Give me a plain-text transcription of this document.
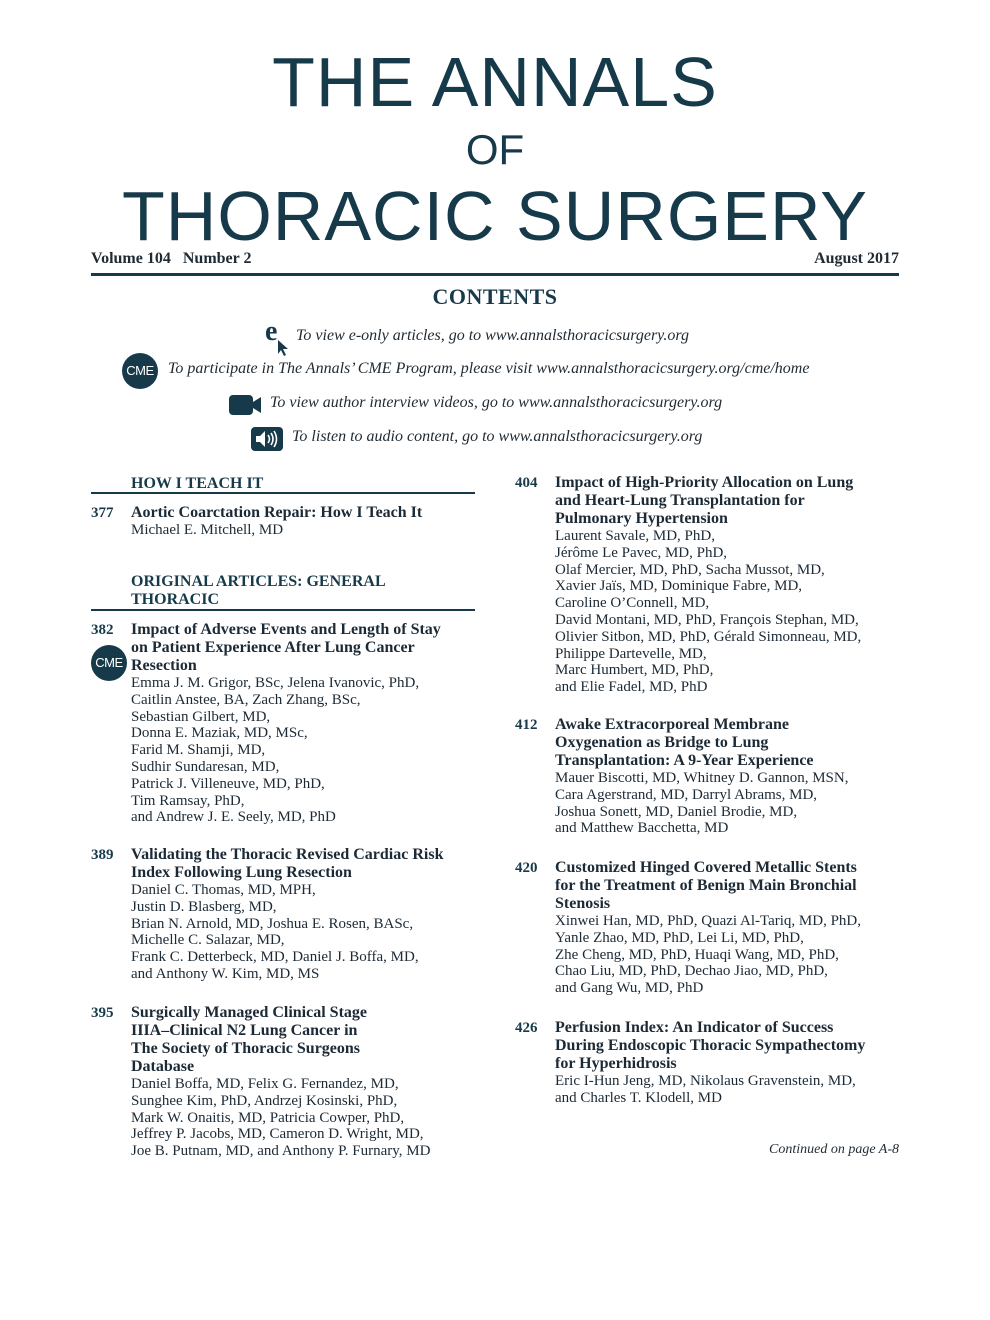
THE ANNALS
OF
THORACIC SURGERY
Volume 104   Number 2	August 2017
CONTENTS
e To view e-only articles, go to www.annalsthoracicsurgery.org
CME To participate in The Annals’ CME Program, please visit www.annalsthoracicsurgery.org/cme/home
To view author interview videos, go to www.annalsthoracicsurgery.org
To listen to audio content, go to www.annalsthoracicsurgery.org
HOW I TEACH IT
377 Aortic Coarctation Repair: How I Teach It
Michael E. Mitchell, MD
ORIGINAL ARTICLES: GENERAL
THORACIC
382
CME
Impact of Adverse Events and Length of Stay
on Patient Experience After Lung Cancer
Resection
Emma J. M. Grigor, BSc, Jelena Ivanovic, PhD,
Caitlin Anstee, BA, Zach Zhang, BSc,
Sebastian Gilbert, MD,
Donna E. Maziak, MD, MSc,
Farid M. Shamji, MD,
Sudhir Sundaresan, MD,
Patrick J. Villeneuve, MD, PhD,
Tim Ramsay, PhD,
and Andrew J. E. Seely, MD, PhD
389 Validating the Thoracic Revised Cardiac Risk
Index Following Lung Resection
Daniel C. Thomas, MD, MPH,
Justin D. Blasberg, MD,
Brian N. Arnold, MD, Joshua E. Rosen, BASc,
Michelle C. Salazar, MD,
Frank C. Detterbeck, MD, Daniel J. Boffa, MD,
and Anthony W. Kim, MD, MS
395 Surgically Managed Clinical Stage
IIIA–Clinical N2 Lung Cancer in
The Society of Thoracic Surgeons
Database
Daniel Boffa, MD, Felix G. Fernandez, MD,
Sunghee Kim, PhD, Andrzej Kosinski, PhD,
Mark W. Onaitis, MD, Patricia Cowper, PhD,
Jeffrey P. Jacobs, MD, Cameron D. Wright, MD,
Joe B. Putnam, MD, and Anthony P. Furnary, MD
404 Impact of High-Priority Allocation on Lung
and Heart-Lung Transplantation for
Pulmonary Hypertension
Laurent Savale, MD, PhD,
Jérôme Le Pavec, MD, PhD,
Olaf Mercier, MD, PhD, Sacha Mussot, MD,
Xavier Jaïs, MD, Dominique Fabre, MD,
Caroline O’Connell, MD,
David Montani, MD, PhD, François Stephan, MD,
Olivier Sitbon, MD, PhD, Gérald Simonneau, MD,
Philippe Dartevelle, MD,
Marc Humbert, MD, PhD,
and Elie Fadel, MD, PhD
412 Awake Extracorporeal Membrane
Oxygenation as Bridge to Lung
Transplantation: A 9-Year Experience
Mauer Biscotti, MD, Whitney D. Gannon, MSN,
Cara Agerstrand, MD, Darryl Abrams, MD,
Joshua Sonett, MD, Daniel Brodie, MD,
and Matthew Bacchetta, MD
420 Customized Hinged Covered Metallic Stents
for the Treatment of Benign Main Bronchial
Stenosis
Xinwei Han, MD, PhD, Quazi Al-Tariq, MD, PhD,
Yanle Zhao, MD, PhD, Lei Li, MD, PhD,
Zhe Cheng, MD, PhD, Huaqi Wang, MD, PhD,
Chao Liu, MD, PhD, Dechao Jiao, MD, PhD,
and Gang Wu, MD, PhD
426 Perfusion Index: An Indicator of Success
During Endoscopic Thoracic Sympathectomy
for Hyperhidrosis
Eric I-Hun Jeng, MD, Nikolaus Gravenstein, MD,
and Charles T. Klodell, MD
Continued on page A-8
